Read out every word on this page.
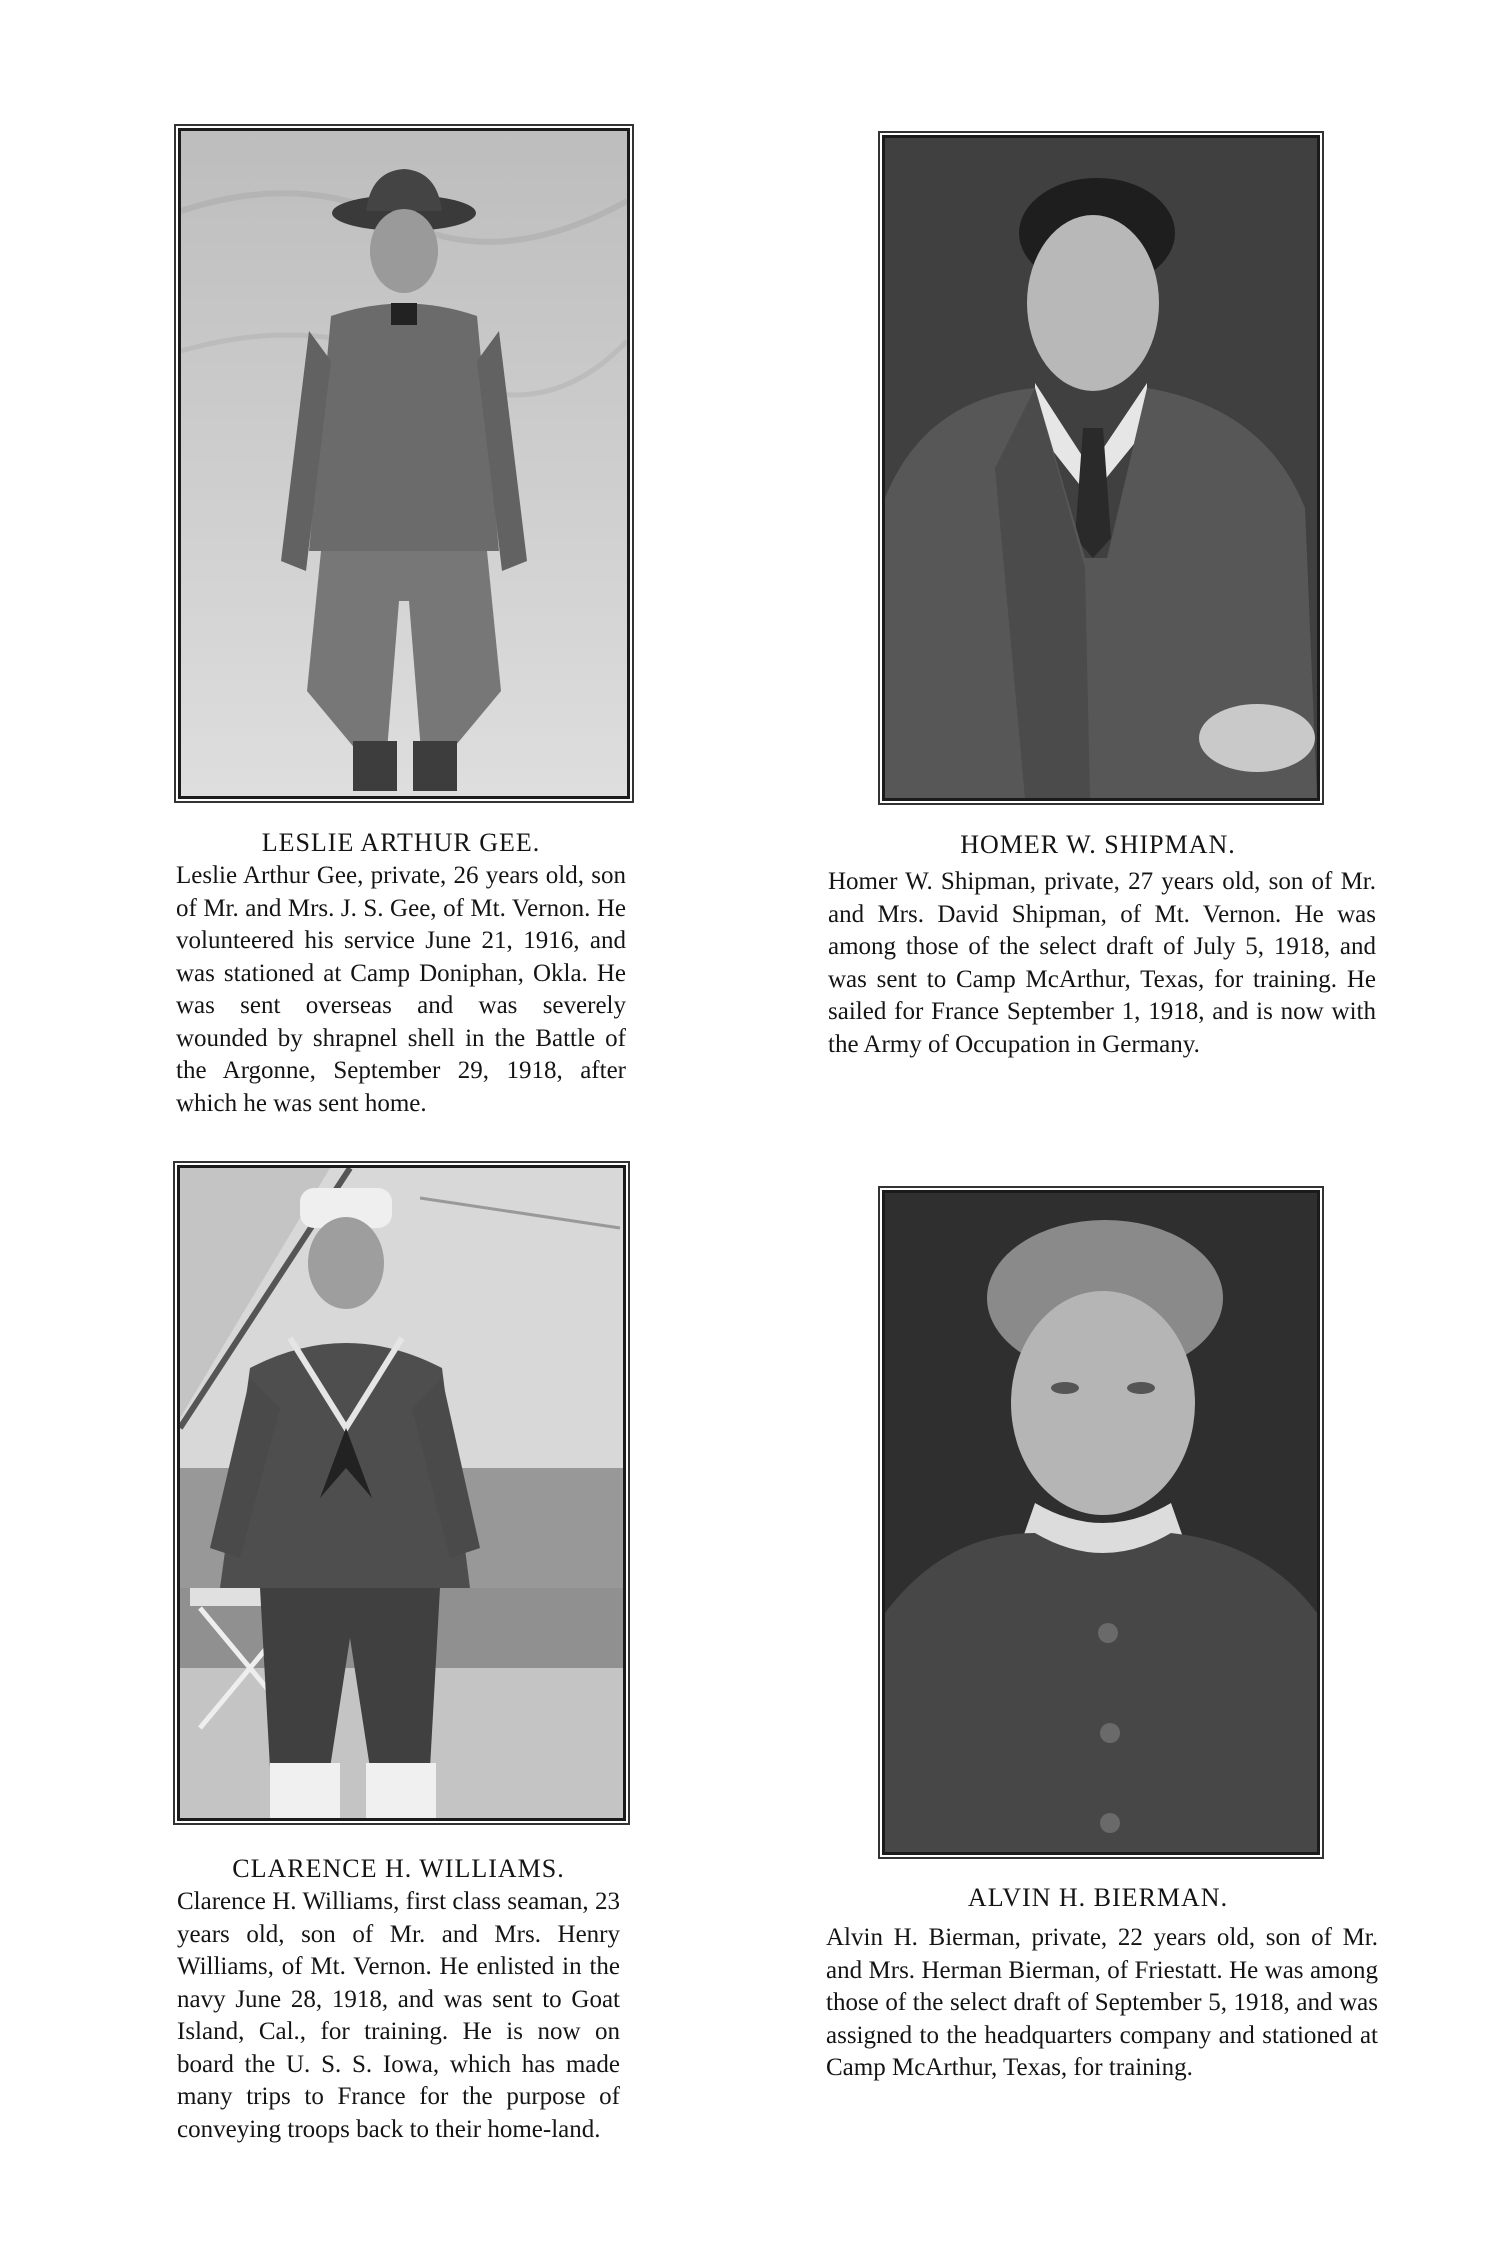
LESLIE ARTHUR GEE.
Leslie Arthur Gee, private, 26 years old, son of Mr. and Mrs. J. S. Gee, of Mt. Vernon. He volunteered his service June 21, 1916, and was stationed at Camp Doniphan, Okla. He was sent overseas and was severely wounded by shrapnel shell in the Battle of the Argonne, September 29, 1918, after which he was sent home.
HOMER W. SHIPMAN.
Homer W. Shipman, private, 27 years old, son of Mr. and Mrs. David Shipman, of Mt. Vernon. He was among those of the select draft of July 5, 1918, and was sent to Camp McArthur, Texas, for training. He sailed for France September 1, 1918, and is now with the Army of Occupation in Germany.
CLARENCE H. WILLIAMS.
Clarence H. Williams, first class seaman, 23 years old, son of Mr. and Mrs. Henry Williams, of Mt. Vernon. He enlisted in the navy June 28, 1918, and was sent to Goat Island, Cal., for training. He is now on board the U. S. S. Iowa, which has made many trips to France for the purpose of conveying troops back to their home-land.
ALVIN H. BIERMAN.
Alvin H. Bierman, private, 22 years old, son of Mr. and Mrs. Herman Bierman, of Friestatt. He was among those of the select draft of September 5, 1918, and was assigned to the headquarters company and stationed at Camp McArthur, Texas, for training.
